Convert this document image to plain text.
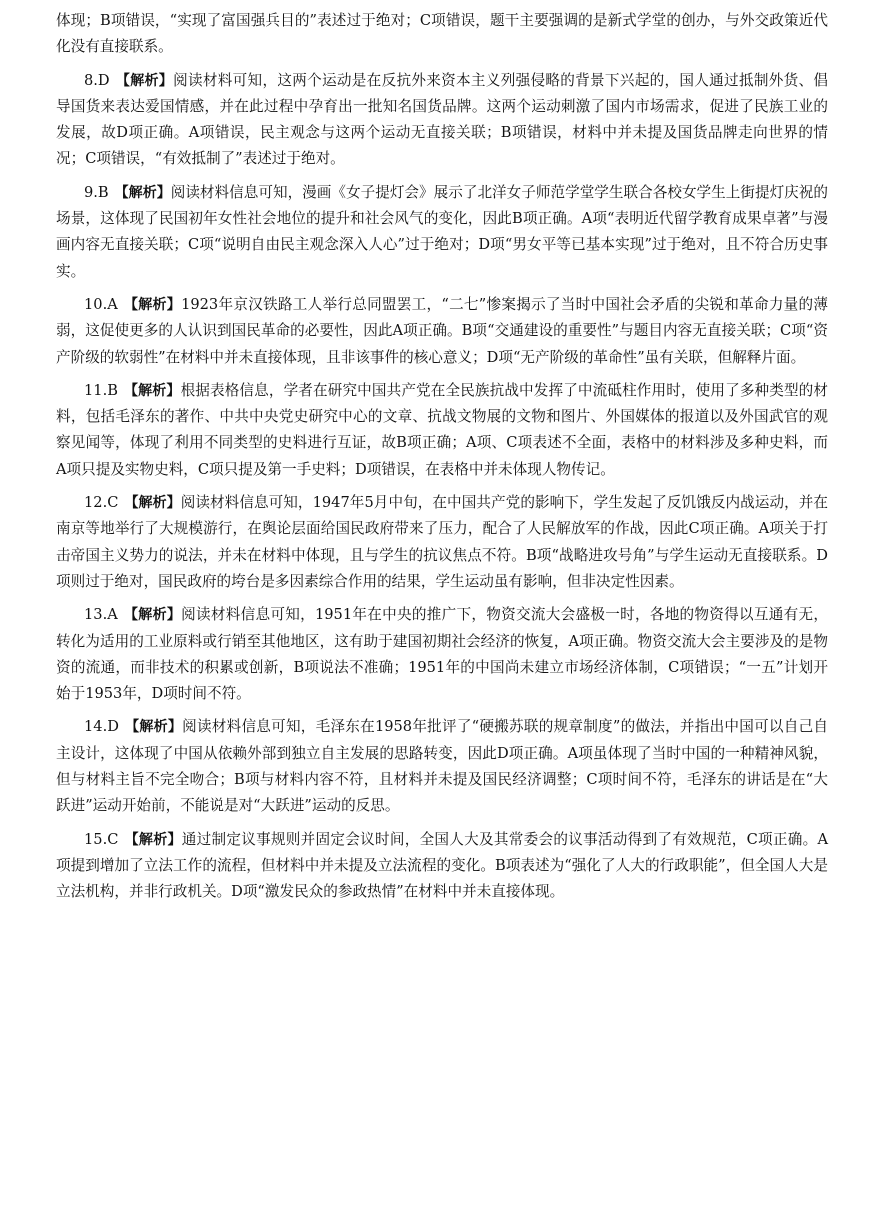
体现；B项错误，“实现了富国强兵目的”表述过于绝对；C项错误，题干主要强调的是新式学堂的创办，与外交政策近代化没有直接联系。

8.D 【解析】阅读材料可知，这两个运动是在反抗外来资本主义列强侵略的背景下兴起的，国人通过抵制外货、倡导国货来表达爱国情感，并在此过程中孕育出一批知名国货品牌。这两个运动刺激了国内市场需求，促进了民族工业的发展，故D项正确。A项错误，民主观念与这两个运动无直接关联；B项错误，材料中并未提及国货品牌走向世界的情况；C项错误，“有效抵制了”表述过于绝对。

9.B 【解析】阅读材料信息可知，漫画《女子提灯会》展示了北洋女子师范学堂学生联合各校女学生上街提灯庆祝的场景，这体现了民国初年女性社会地位的提升和社会风气的变化，因此B项正确。A项“表明近代留学教育成果卓著”与漫画内容无直接关联；C项“说明自由民主观念深入人心”过于绝对；D项“男女平等已基本实现”过于绝对，且不符合历史事实。

10.A 【解析】1923年京汉铁路工人举行总同盟罢工，“二七”惨案揭示了当时中国社会矛盾的尖锐和革命力量的薄弱，这促使更多的人认识到国民革命的必要性，因此A项正确。B项“交通建设的重要性”与题目内容无直接关联；C项“资产阶级的软弱性”在材料中并未直接体现，且非该事件的核心意义；D项“无产阶级的革命性”虽有关联，但解释片面。

11.B 【解析】根据表格信息，学者在研究中国共产党在全民族抗战中发挥了中流砥柱作用时，使用了多种类型的材料，包括毛泽东的著作、中共中央党史研究中心的文章、抗战文物展的文物和图片、外国媒体的报道以及外国武官的观察见闻等，体现了利用不同类型的史料进行互证，故B项正确；A项、C项表述不全面，表格中的材料涉及多种史料，而A项只提及实物史料，C项只提及第一手史料；D项错误，在表格中并未体现人物传记。

12.C 【解析】阅读材料信息可知，1947年5月中旬，在中国共产党的影响下，学生发起了反饥饿反内战运动，并在南京等地举行了大规模游行，在舆论层面给国民政府带来了压力，配合了人民解放军的作战，因此C项正确。A项关于打击帝国主义势力的说法，并未在材料中体现，且与学生的抗议焦点不符。B项“战略进攻号角”与学生运动无直接联系。D项则过于绝对，国民政府的垮台是多因素综合作用的结果，学生运动虽有影响，但非决定性因素。

13.A 【解析】阅读材料信息可知，1951年在中央的推广下，物资交流大会盛极一时，各地的物资得以互通有无，转化为适用的工业原料或行销至其他地区，这有助于建国初期社会经济的恢复，A项正确。物资交流大会主要涉及的是物资的流通，而非技术的积累或创新，B项说法不准确；1951年的中国尚未建立市场经济体制，C项错误；“一五”计划开始于1953年，D项时间不符。

14.D 【解析】阅读材料信息可知，毛泽东在1958年批评了“硬搬苏联的规章制度”的做法，并指出中国可以自己自主设计，这体现了中国从依赖外部到独立自主发展的思路转变，因此D项正确。A项虽体现了当时中国的一种精神风貌，但与材料主旨不完全吻合；B项与材料内容不符，且材料并未提及国民经济调整；C项时间不符，毛泽东的讲话是在“大跃进”运动开始前，不能说是对“大跃进”运动的反思。

15.C 【解析】通过制定议事规则并固定会议时间，全国人大及其常委会的议事活动得到了有效规范，C项正确。A项提到增加了立法工作的流程，但材料中并未提及立法流程的变化。B项表述为“强化了人大的行政职能”，但全国人大是立法机构，并非行政机关。D项“激发民众的参政热情”在材料中并未直接体现。
